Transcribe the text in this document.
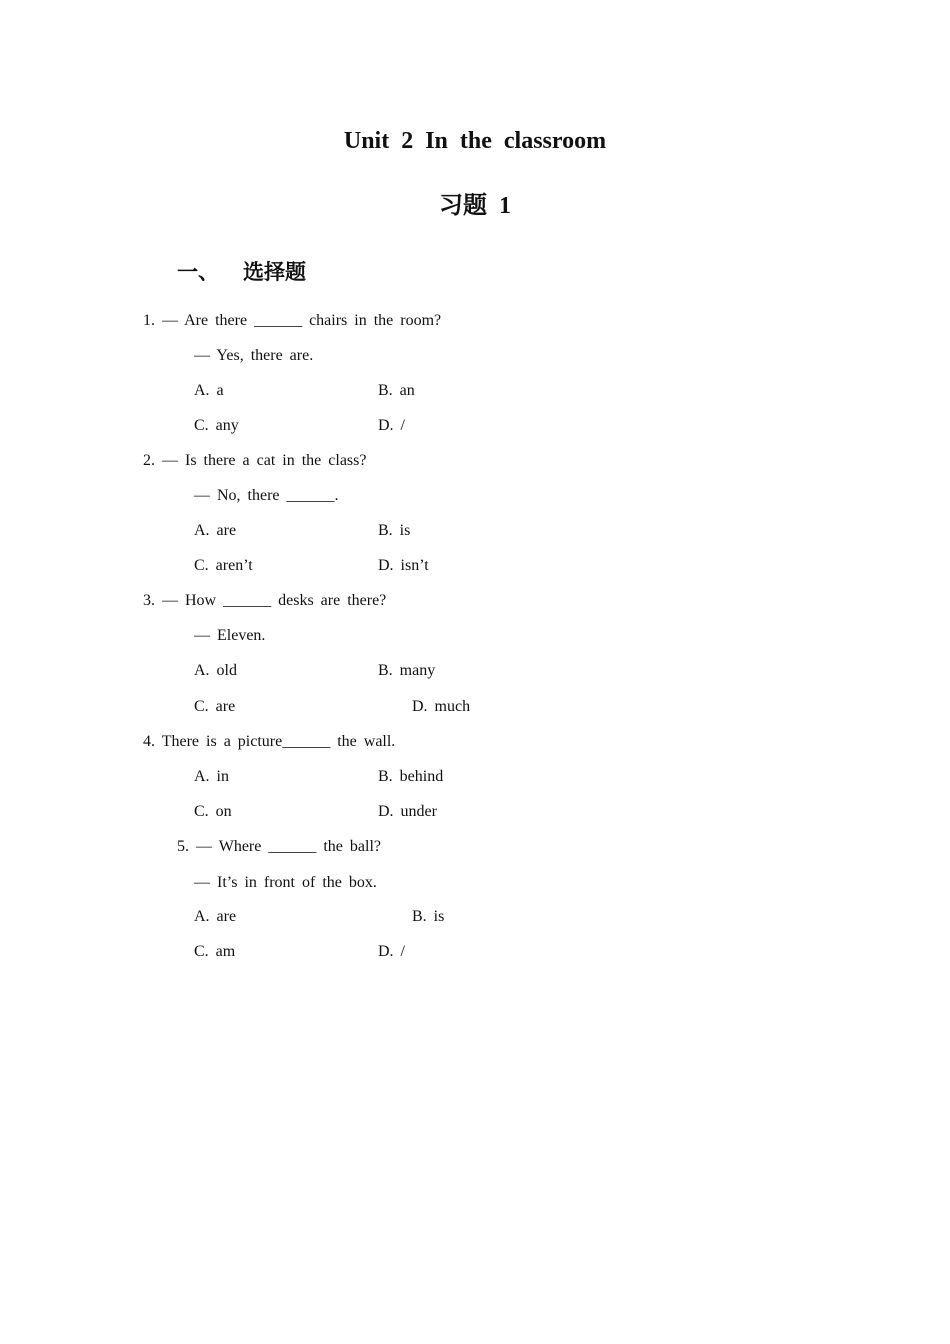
Unit 2 In the classroom
习题 1
一、 选择题
1. — Are there ______ chairs in the room?
— Yes, there are.
A. a	B. an
C. any	D. /
2. — Is there a cat in the class?
— No, there ______.
A. are	B. is
C. aren’t	D. isn’t
3. — How ______ desks are there?
— Eleven.
A. old	B. many
C. are	D. much
4. There is a picture______ the wall.
A. in	B. behind
C. on	D. under
5. — Where ______ the ball?
— It’s in front of the box.
A. are	B. is
C. am	D. /
